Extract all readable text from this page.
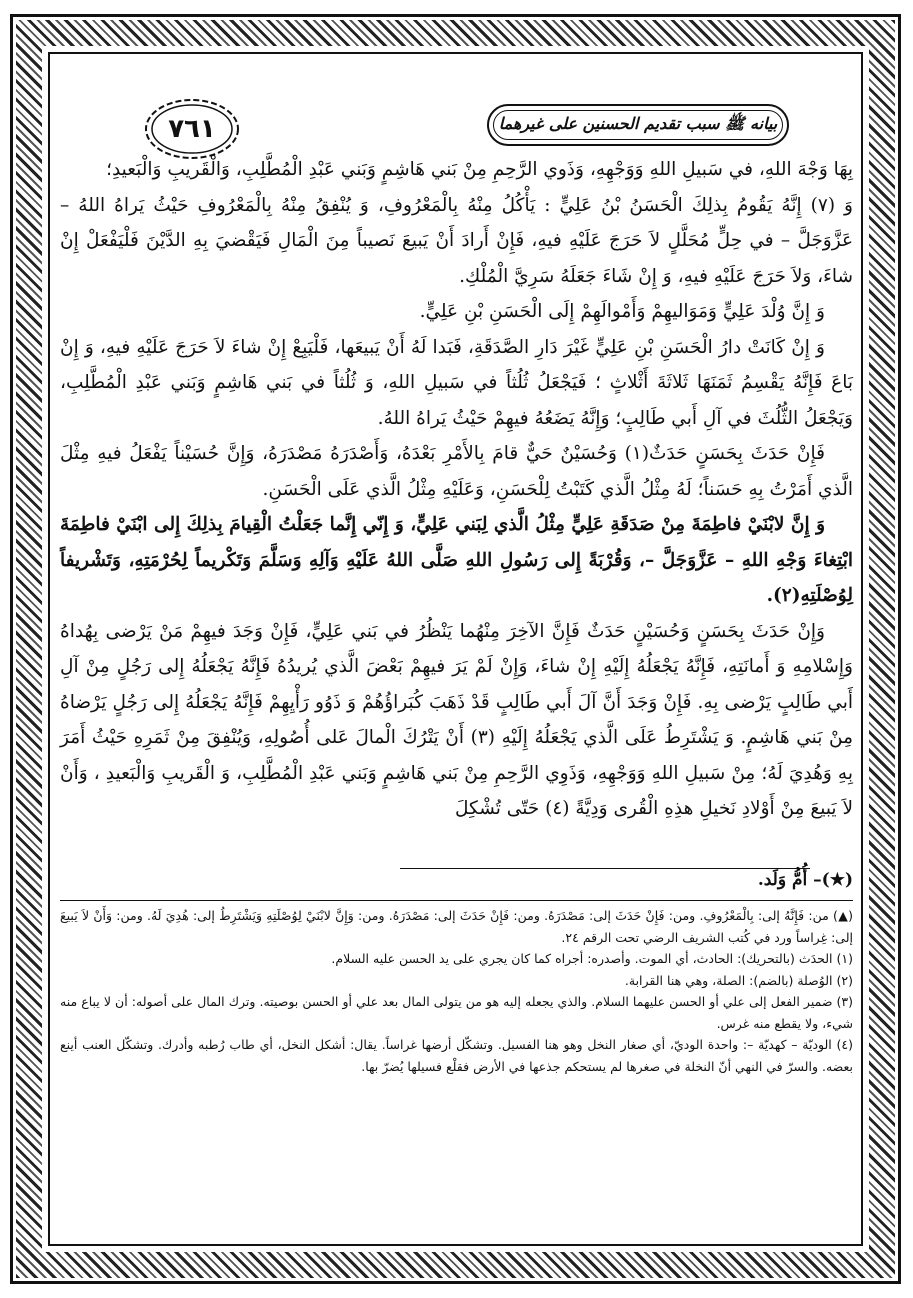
٧٦١	بيانه ﷺ سبب تقديم الحسنين على غيرهما

بِهَا وَجْهَ اللهِ، في سَبيلِ اللهِ وَوَجْهِهِ، وَذَوي الرَّحِمِ مِنْ بَني هَاشِمٍ وَبَني عَبْدِ الْمُطَّلِبِ، وَالْقَريبِ وَالْبَعيدِ؛

وَ (٧) إِنَّهُ يَقُومُ بِذلِكَ الْحَسَنُ بْنُ عَلِيٍّ : يَأْكُلُ مِنْهُ بِالْمَعْرُوفِ، وَ يُنْفِقُ مِنْهُ بِالْمَعْرُوفِ حَيْثُ يَراهُ اللهُ – عَزَّوَجَلَّ – في حِلٍّ مُحَلَّلٍ لاَ حَرَجَ عَلَيْهِ فيهِ، فَإِنْ أَرادَ أَنْ يَبيعَ نَصيباً مِنَ الْمَالِ فَيَقْضيَ بِهِ الدَّيْنَ فَلْيَفْعَلْ إِنْ شاءَ، وَلاَ حَرَجَ عَلَيْهِ فيهِ، وَ إِنْ شَاءَ جَعَلَهُ سَرِيَّ الْمُلْكِ.

وَ إِنَّ وُلْدَ عَلِيٍّ وَمَوَاليهِمْ وَأَمْوالَهِمْ إِلَى الْحَسَنِ بْنِ عَلِيٍّ.

وَ إِنْ كَانَتْ دارُ الْحَسَنِ بْنِ عَلِيٍّ غَيْرَ دَارِ الصَّدَقَةِ، فَبَدا لَهُ أَنْ يَبيعَها، فَلْيَبِعْ إِنْ شاءَ لاَ حَرَجَ عَلَيْهِ فيهِ، وَ إِنْ بَاعَ فَإِنَّهُ يَقْسِمُ ثَمَنَهَا ثَلاثَةَ أَثْلاثٍ ؛ فَيَجْعَلُ ثُلُثاً في سَبيلِ اللهِ، وَ ثُلُثاً في بَني هَاشِمٍ وَبَني عَبْدِ الْمُطَّلِبِ، وَيَجْعَلُ الثُّلُثَ في آلِ أَبي طَالِبٍ؛ وَإِنَّهُ يَضَعُهُ فيهِمْ حَيْثُ يَراهُ اللهُ.

فَإِنْ حَدَثَ بِحَسَنٍ حَدَثٌ(١) وَحُسَيْنٌ حَيٌّ قامَ بِالأَمْرِ بَعْدَهُ، وَأَصْدَرَهُ مَصْدَرَهُ، وَإِنَّ حُسَيْناً يَفْعَلُ فيهِ مِثْلَ الَّذي أَمَرْتُ بِهِ حَسَناً؛ لَهُ مِثْلُ الَّذي كَتَبْتُ لِلْحَسَنِ، وَعَلَيْهِ مِثْلُ الَّذي عَلَى الْحَسَنِ.

وَ إِنَّ لابْنَيْ فاطِمَةَ مِنْ صَدَقَةِ عَلِيٍّ مِثْلُ الَّذي لِبَني عَلِيٍّ، وَ إِنّي إِنَّما جَعَلْتُ الْقِيامَ بِذلِكَ إِلى ابْنَيْ فاطِمَةَ ابْتِغاءَ وَجْهِ اللهِ – عَزَّوَجَلَّ –، وَقُرْبَةً إِلى رَسُولِ اللهِ صَلَّى اللهُ عَلَيْهِ وَآلِهِ وَسَلَّمَ وَتَكْريماً لِحُرْمَتِهِ، وَتَشْريفاً لِوُصْلَتِهِ(٢).

وَإِنْ حَدَثَ بِحَسَنٍ وَحُسَيْنٍ حَدَثٌ فَإِنَّ الآخِرَ مِنْهُما يَنْظُرُ في بَني عَلِيٍّ، فَإِنْ وَجَدَ فيهِمْ مَنْ يَرْضى بِهُداهُ وَإِسْلامِهِ وَ أَمانَتِهِ، فَإِنَّهُ يَجْعَلُهُ إِلَيْهِ إِنْ شاءَ، وَإِنْ لَمْ يَرَ فيهِمْ بَعْضَ الَّذي يُريدُهُ فَإِنَّهُ يَجْعَلُهُ إِلى رَجُلٍ مِنْ آلِ أَبي طَالِبٍ يَرْضى بِهِ. فَإِنْ وَجَدَ أَنَّ آلَ أَبي طَالِبٍ قَدْ ذَهَبَ كُبَراؤُهُمْ وَ ذَوُو رَأْيِهِمْ فَإِنَّهُ يَجْعَلُهُ إِلى رَجُلٍ يَرْضاهُ مِنْ بَني هَاشِمٍ. وَ يَشْتَرِطُ عَلَى الَّذي يَجْعَلُهُ إِلَيْهِ (٣) أَنْ يَتْرُكَ الْمالَ عَلى أُصُولِهِ، وَيُنْفِقَ مِنْ ثَمَرِهِ حَيْثُ أَمَرَ بِهِ وَهُدِيَ لَهُ؛ مِنْ سَبيلِ اللهِ وَوَجْهِهِ، وَذَوِي الرَّحِمِ مِنْ بَني هَاشِمٍ وَبَني عَبْدِ الْمُطَّلِبِ، وَ الْقَريبِ وَالْبَعيدِ ، وَأَنْ لاَ يَبيعَ مِنْ أَوْلادِ نَخيلِ هذِهِ الْقُرى وَدِيَّةً (٤) حَتّى تُشْكِلَ

(★)– أُمُّ وَلَد.

(▲) من: فَإِنَّهُ إلى: بِالْمَعْرُوفِ. ومن: فَإِنْ حَدَثَ إلى: مَصْدَرَهُ. ومن: فَإِنْ حَدَثَ إلى: مَصْدَرَهُ. ومن: وَإِنَّ لابْنَيْ لِوُصْلَتِهِ وَيَشْتَرِطُ إلى: هُدِيَ لَهُ. ومن: وَأَنْ لاَ يَبيعَ إلى: غِراساً ورد في كُتب الشريف الرضي تحت الرقم ٢٤.

(١) الحدَث (بالتحريك): الحادث، أي الموت. وأصدره: أجراه كما كان يجري على يد الحسن عليه السلام.

(٢) الوُصلة (بالضم): الصلة، وهي هنا القرابة.

(٣) ضمير الفعل إلى علي أو الحسن عليهما السلام. والذي يجعله إليه هو من يتولى المال بعد علي أو الحسن بوصيته. وترك المال على أصوله: أن لا يباع منه شيء، ولا يقطع منه غرس.

(٤) الوديّة – كهديّة –: واحدة الوديّ، أي صغار النخل وهو هنا الفسيل. وتشكّل أرضها غراساً. يقال: أشكل النخل، أي طاب رُطبه وأدرك. وتشكّل العنب أينع بعضه. والسرّ في النهي أنّ النخلة في صغرها لم يستحكم جذعها في الأرض فقلْع فسيلها يُضرّ بها.
